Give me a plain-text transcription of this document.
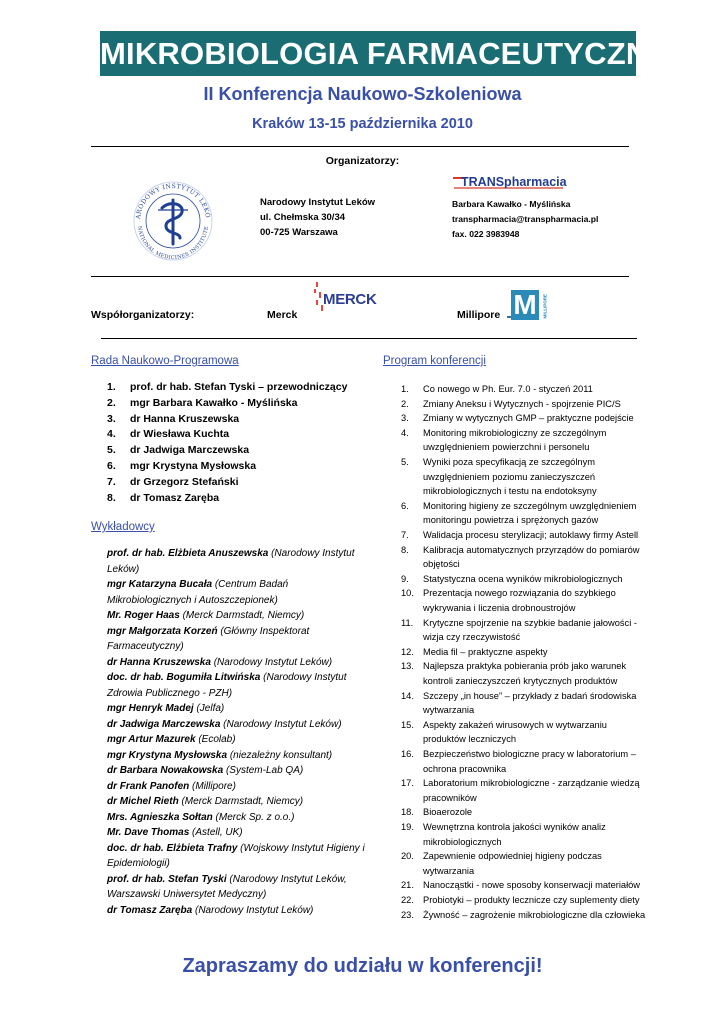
MIKROBIOLOGIA FARMACEUTYCZNA
II Konferencja Naukowo-Szkoleniowa
Kraków 13-15 października 2010
Organizatorzy:
ARODOWY INSTYTUT LEKÓ
NATIONAL MEDICINES INSTITUTE
Narodowy Instytut Leków
ul. Chełmska 30/34
00-725 Warszawa
TRANSpharmacia
Barbara Kawałko - Myślińska
transpharmacia@transpharmacia.pl
fax. 022 3983948
Współorganizatorzy:	Merck
MERCK
Millipore M	MILLIPORE
Rada Naukowo-Programowa
1. prof. dr hab. Stefan Tyski – przewodniczący
2. mgr Barbara Kawałko - Myślińska
3. dr Hanna Kruszewska
4. dr Wiesława Kuchta
5. dr Jadwiga Marczewska
6. mgr Krystyna Mysłowska
7. dr Grzegorz Stefański
8. dr Tomasz Zaręba
Wykładowcy
prof. dr hab. Elżbieta Anuszewska (Narodowy Instytut
Leków)
mgr Katarzyna Bucała (Centrum Badań
Mikrobiologicznych i Autoszczepionek)
Mr. Roger Haas (Merck Darmstadt, Niemcy)
mgr Małgorzata Korzeń (Główny Inspektorat
Farmaceutyczny)
dr Hanna Kruszewska (Narodowy Instytut Leków)
doc. dr hab. Bogumiła Litwińska (Narodowy Instytut
Zdrowia Publicznego - PZH)
mgr Henryk Madej (Jelfa)
dr Jadwiga Marczewska (Narodowy Instytut Leków)
mgr Artur Mazurek (Ecolab)
mgr Krystyna Mysłowska (niezależny konsultant)
dr Barbara Nowakowska (System-Lab QA)
dr Frank Panofen (Millipore)
dr Michel Rieth (Merck Darmstadt, Niemcy)
Mrs. Agnieszka Sołtan (Merck Sp. z o.o.)
Mr. Dave Thomas (Astell, UK)
doc. dr hab. Elżbieta Trafny (Wojskowy Instytut Higieny i
Epidemiologii)
prof. dr hab. Stefan Tyski (Narodowy Instytut Leków,
Warszawski Uniwersytet Medyczny)
dr Tomasz Zaręba (Narodowy Instytut Leków)
Program konferencji
1.	Co nowego w Ph. Eur. 7.0 - styczeń 2011
2.	Zmiany Aneksu i Wytycznych - spojrzenie PIC/S
3.	Zmiany w wytycznych GMP – praktyczne podejście
4.	Monitoring mikrobiologiczny ze szczególnym
uwzględnieniem powierzchni i personelu
5.	Wyniki poza specyfikacją ze szczególnym
uwzględnieniem poziomu zanieczyszczeń
mikrobiologicznych i testu na endotoksyny
6.	Monitoring higieny ze szczególnym uwzględnieniem
monitoringu powietrza i sprężonych gazów
7.	Walidacja procesu sterylizacji; autoklawy firmy Astell
8.	Kalibracja automatycznych przyrządów do pomiarów
objętości
9.	Statystyczna ocena wyników mikrobiologicznych
10. Prezentacja nowego rozwiązania do szybkiego
wykrywania i liczenia drobnoustrojów
11.	Krytyczne spojrzenie na szybkie badanie jałowości -
wizja czy rzeczywistość
12. Media fil – praktyczne aspekty
13. Najlepsza praktyka pobierania prób jako warunek
kontroli zanieczyszczeń krytycznych produktów
14. Szczepy „in house” – przykłady z badań środowiska
wytwarzania
15. Aspekty zakażeń wirusowych w wytwarzaniu
produktów leczniczych
16. Bezpieczeństwo biologiczne pracy w laboratorium –
ochrona pracownika
17. Laboratorium mikrobiologiczne - zarządzanie wiedzą
pracowników
18. Bioaerozole
19. Wewnętrzna kontrola jakości wyników analiz
mikrobiologicznych
20. Zapewnienie odpowiedniej higieny podczas
wytwarzania
21. Nanocząstki - nowe sposoby konserwacji materiałów
22. Probiotyki – produkty lecznicze czy suplementy diety
23. Żywność – zagrożenie mikrobiologiczne dla człowieka
Zapraszamy do udziału w konferencji!
